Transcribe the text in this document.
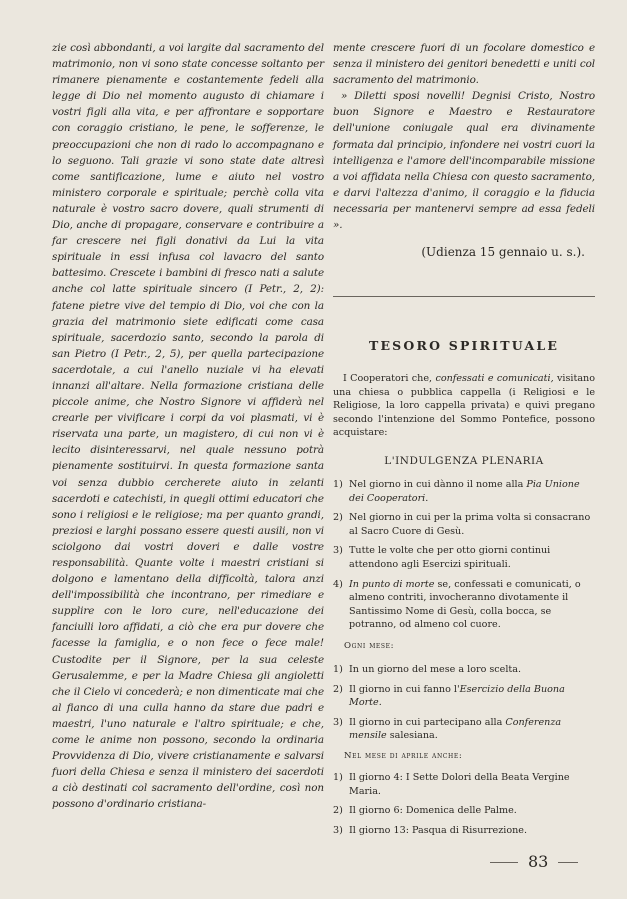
zie così abbondanti, a voi largite dal sacramento del matrimonio, non vi sono state concesse soltanto per rimanere pienamente e costantemente fedeli alla legge di Dio nel momento augusto di chiamare i vostri figli alla vita, e per affrontare e sopportare con coraggio cristiano, le pene, le sofferenze, le preoccupazioni che non di rado lo accompagnano e lo seguono. Tali grazie vi sono state date altresì come santificazione, lume e aiuto nel vostro ministero corporale e spirituale; perchè colla vita naturale è vostro sacro dovere, quali strumenti di Dio, anche di propagare, conservare e contribuire a far crescere nei figli donativi da Lui la vita spirituale in essi infusa col lavacro del santo battesimo. Crescete i bambini di fresco nati a salute anche col latte spirituale sincero (I Petr., 2, 2): fatene pietre vive del tempio di Dio, voi che con la grazia del matrimonio siete edificati come casa spirituale, sacerdozio santo, secondo la parola di san Pietro (I Petr., 2, 5), per quella partecipazione sacerdotale, a cui l'anello nuziale vi ha elevati innanzi all'altare. Nella formazione cristiana delle piccole anime, che Nostro Signore vi affiderà nel crearle per vivificare i corpi da voi plasmati, vi è riservata una parte, un magistero, di cui non vi è lecito disinteressarvi, nel quale nessuno potrà pienamente sostituirvi. In questa formazione santa voi senza dubbio cercherete aiuto in zelanti sacerdoti e catechisti, in quegli ottimi educatori che sono i religiosi e le religiose; ma per quanto grandi, preziosi e larghi possano essere questi ausili, non vi sciolgono dai vostri doveri e dalle vostre responsabilità. Quante volte i maestri cristiani si dolgono e lamentano della difficoltà, talora anzi dell'impossibilità che incontrano, per rimediare e supplire con le loro cure, nell'educazione dei fanciulli loro affidati, a ciò che era pur dovere che facesse la famiglia, e o non fece o fece male! Custodite per il Signore, per la sua celeste Gerusalemme, e per la Madre Chiesa gli angioletti che il Cielo vi concederà; e non dimenticate mai che al fianco di una culla hanno da stare due padri e maestri, l'uno naturale e l'altro spirituale; e che, come le anime non possono, secondo la ordinaria Provvidenza di Dio, vivere cristianamente e salvarsi fuori della Chiesa e senza il ministero dei sacerdoti a ciò destinati col sacramento dell'ordine, così non possono d'ordinario cristiana-

mente crescere fuori di un focolare domestico e senza il ministero dei genitori benedetti e uniti col sacramento del matrimonio.

» Diletti sposi novelli! Degnisi Cristo, Nostro buon Signore e Maestro e Restauratore dell'unione coniugale qual era divinamente formata dal principio, infondere nei vostri cuori la intelligenza e l'amore dell'incomparabile missione a voi affidata nella Chiesa con questo sacramento, e darvi l'altezza d'animo, il coraggio e la fiducia necessaria per mantenervi sempre ad essa fedeli ».

(Udienza 15 gennaio u. s.).

TESORO SPIRITUALE
I Cooperatori che, confessati e comunicati, visitano una chiesa o pubblica cappella (i Religiosi e le Religiose, la loro cappella privata) e quivi pregano secondo l'intenzione del Sommo Pontefice, possono acquistare:
L'INDULGENZA PLENARIA
1) Nel giorno in cui dànno il nome alla Pia Unione dei Cooperatori.
2) Nel giorno in cui per la prima volta si consacrano al Sacro Cuore di Gesù.
3) Tutte le volte che per otto giorni continui attendono agli Esercizi spirituali.
4) In punto di morte se, confessati e comunicati, o almeno contriti, invocheranno divotamente il Santissimo Nome di Gesù, colla bocca, se potranno, od almeno col cuore.
Ogni mese:
1) In un giorno del mese a loro scelta.
2) Il giorno in cui fanno l'Esercizio della Buona Morte.
3) Il giorno in cui partecipano alla Conferenza mensile salesiana.
Nel mese di aprile anche:
1) Il giorno 4: I Sette Dolori della Beata Vergine Maria.
2) Il giorno 6: Domenica delle Palme.
3) Il giorno 13: Pasqua di Risurrezione.
83
